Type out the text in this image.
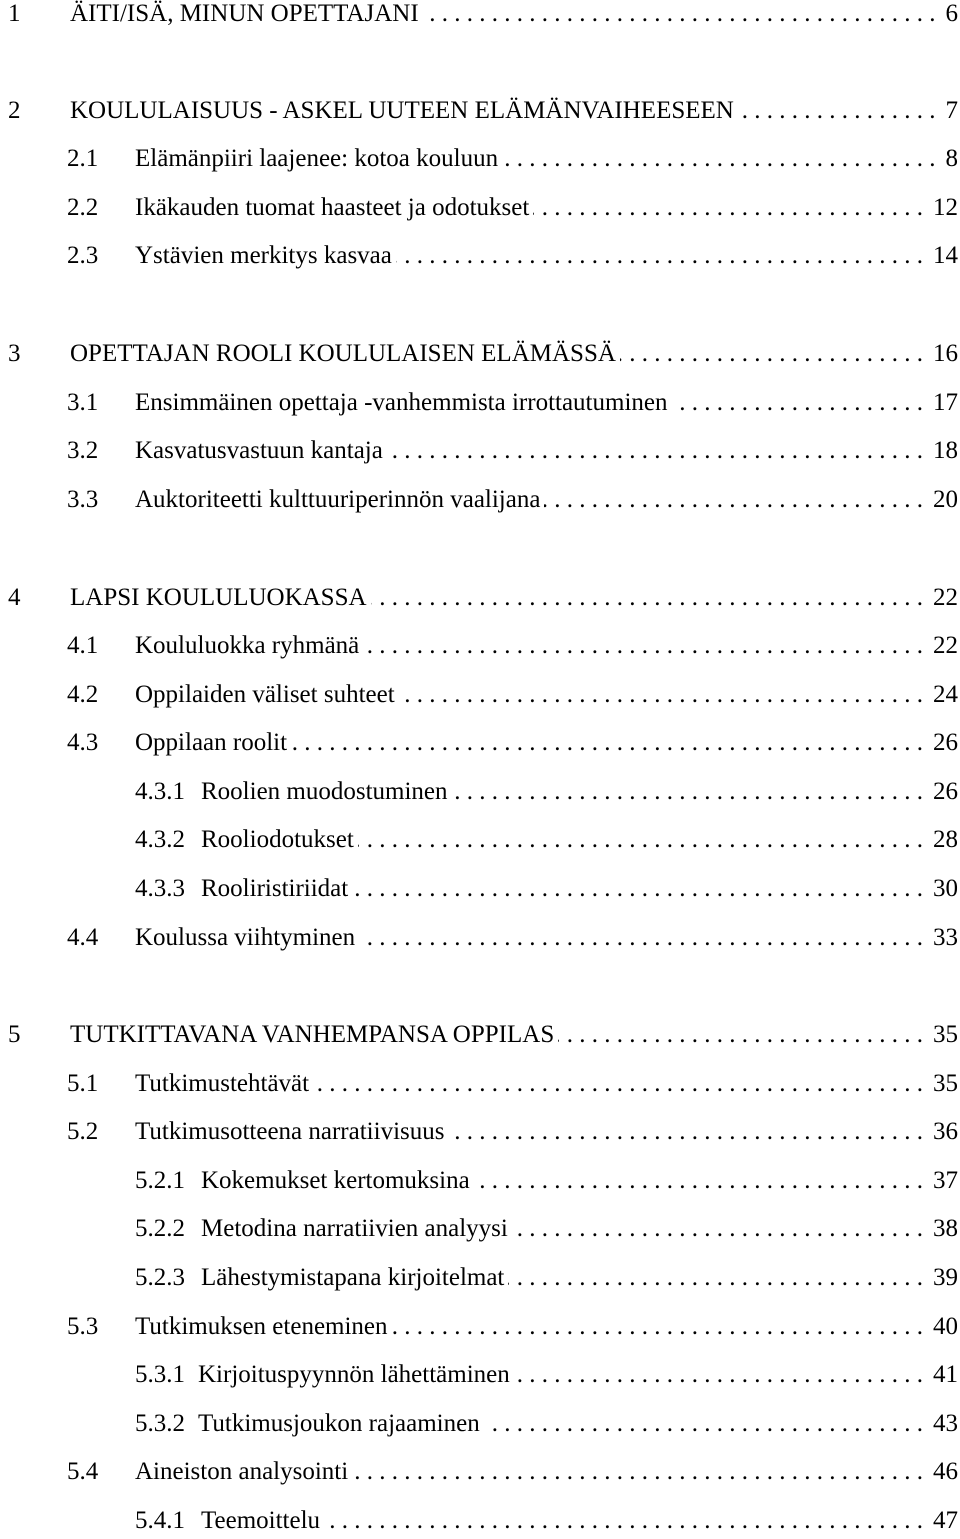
1	ÄITI/ISÄ, MINUN OPETTAJANI . . .	6
2	KOULULAISUUS - ASKEL UUTEEN ELÄMÄNVAIHEESEEN . . .	7
2.1	Elämänpiiri laajenee: kotoa kouluun . . .	8
2.2	Ikäkauden tuomat haasteet ja odotukset . . .	12
2.3	Ystävien merkitys kasvaa . . .	14
3	OPETTAJAN ROOLI KOULULAISEN ELÄMÄSSÄ . . .	16
3.1	Ensimmäinen opettaja -vanhemmista irrottautuminen . . .	17
3.2	Kasvatusvastuun kantaja . . .	18
3.3	Auktoriteetti kulttuuriperinnön vaalijana . . .	20
4	LAPSI KOULULUOKASSA . . .	22
4.1	Koululuokka ryhmänä . . .	22
4.2	Oppilaiden väliset suhteet . . .	24
4.3	Oppilaan roolit . . .	26
4.3.1 Roolien muodostuminen . . .	26
4.3.2 Rooliodotukset . . .	28
4.3.3 Rooliristiriidat . . .	30
4.4	Koulussa viihtyminen . . .	33
5	TUTKITTAVANA VANHEMPANSA OPPILAS . . .	35
5.1	Tutkimustehtävät . . .	35
5.2	Tutkimusotteena narratiivisuus . . .	36
5.2.1 Kokemukset kertomuksina . . .	37
5.2.2 Metodina narratiivien analyysi . . .	38
5.2.3 Lähestymistapana kirjoitelmat . . .	39
5.3	Tutkimuksen eteneminen . . .	40
5.3.1 Kirjoituspyynnön lähettäminen . . .	41
5.3.2 Tutkimusjoukon rajaaminen . . .	43
5.4	Aineiston analysointi . . .	46
5.4.1 Teemoittelu . . .	47
